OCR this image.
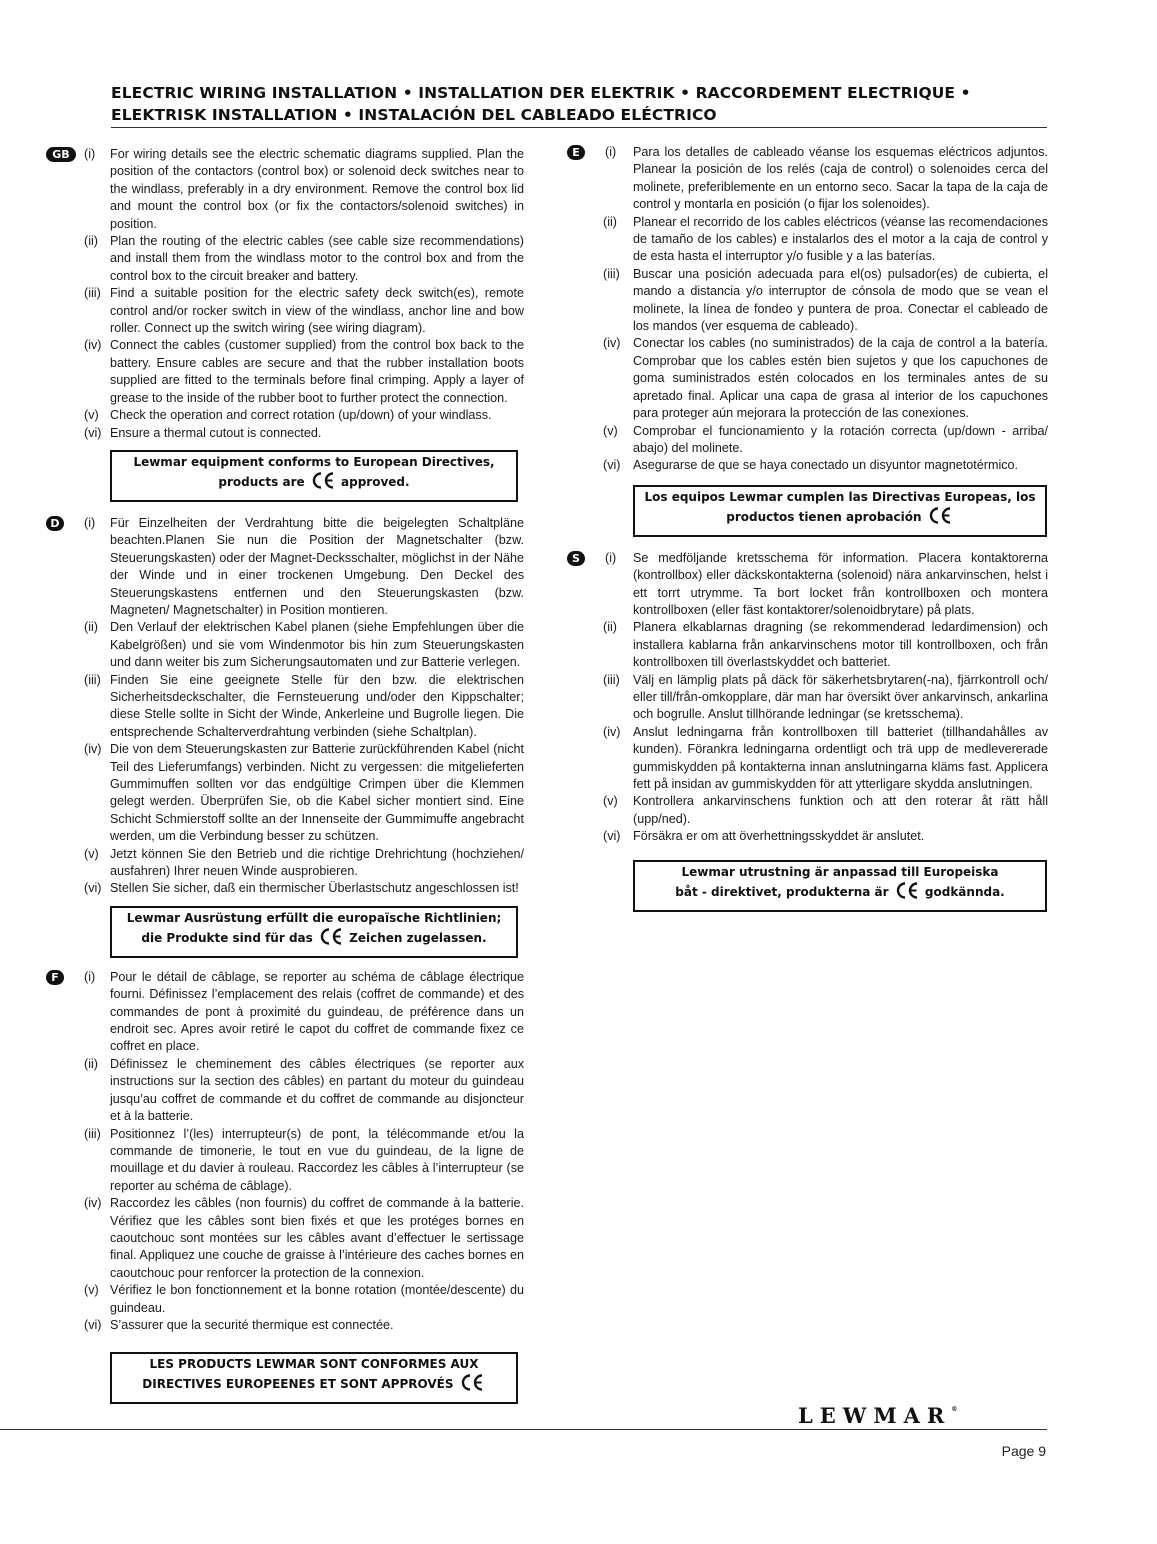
ELECTRIC WIRING INSTALLATION • INSTALLATION DER ELEKTRIK • RACCORDEMENT ELECTRIQUE •
ELEKTRISK INSTALLATION • INSTALACIÓN DEL CABLEADO ELÉCTRICO
GB	(i)	For wiring details see the electric schematic diagrams supplied. Plan the position of the contactors (control box) or solenoid deck switches near to the windlass, preferably in a dry environment. Remove the control box lid and mount the control box (or fix the contactors/solenoid switches) in position.
(ii) Plan the routing of the electric cables (see cable size recommendations) and install them from the windlass motor to the control box and from the control box to the circuit breaker and battery.
(iii) Find a suitable position for the electric safety deck switch(es), remote control and/or rocker switch in view of the windlass, anchor line and bow roller. Connect up the switch wiring (see wiring diagram).
(iv) Connect the cables (customer supplied) from the control box back to the battery. Ensure cables are secure and that the rubber installation boots supplied are fitted to the terminals before final crimping. Apply a layer of grease to the inside of the rubber boot to further protect the connection.
(v) Check the operation and correct rotation (up/down) of your windlass.
(vi) Ensure a thermal cutout is connected.
Lewmar equipment conforms to European Directives,
products are	approved.
D	(i)	Für Einzelheiten der Verdrahtung bitte die beigelegten Schaltpläne beachten.Planen Sie nun die Position der Magnetschalter (bzw. Steuerungskasten) oder der Magnet-Decksschalter, möglichst in der Nähe der Winde und in einer trockenen Umgebung. Den Deckel des Steuerungskastens entfernen und den Steuerungskasten (bzw. Magneten/ Magnetschalter) in Position montieren.
(ii) Den Verlauf der elektrischen Kabel planen (siehe Empfehlungen über die Kabelgrößen) und sie vom Windenmotor bis hin zum Steuerungskasten und dann weiter bis zum Sicherungsautomaten und zur Batterie verlegen.
(iii) Finden Sie eine geeignete Stelle für den bzw. die elektrischen Sicherheitsdeckschalter, die Fernsteuerung und/oder den Kippschalter; diese Stelle sollte in Sicht der Winde, Ankerleine und Bugrolle liegen. Die entsprechende Schalterverdrahtung verbinden (siehe Schaltplan).
(iv) Die von dem Steuerungskasten zur Batterie zurückführenden Kabel (nicht Teil des Lieferumfangs) verbinden. Nicht zu vergessen: die mitgelieferten Gummimuffen sollten vor das endgültige Crimpen über die Klemmen gelegt werden. Überprüfen Sie, ob die Kabel sicher montiert sind. Eine Schicht Schmierstoff sollte an der Innenseite der Gummimuffe angebracht werden, um die Verbindung besser zu schützen.
(v) Jetzt können Sie den Betrieb und die richtige Drehrichtung (hochziehen/ ausfahren) Ihrer neuen Winde ausprobieren.
(vi) Stellen Sie sicher, daß ein thermischer Überlastschutz angeschlossen ist!
Lewmar Ausrüstung erfüllt die europaïsche Richtlinien;
die Produkte sind für das	Zeichen zugelassen.
F	(i)	Pour le détail de câblage, se reporter au schéma de câblage électrique fourni. Définissez l’emplacement des relais (coffret de commande) et des commandes de pont à proximité du guindeau, de préférence dans un endroit sec. Apres avoir retiré le capot du coffret de commande fixez ce coffret en place.
(ii) Définissez le cheminement des câbles électriques (se reporter aux instructions sur la section des câbles) en partant du moteur du guindeau jusqu’au coffret de commande et du coffret de commande au disjoncteur et à la batterie.
(iii) Positionnez l’(les) interrupteur(s) de pont, la télécommande et/ou la commande de timonerie, le tout en vue du guindeau, de la ligne de mouillage et du davier à rouleau. Raccordez les câbles à l’interrupteur (se reporter au schéma de câblage).
(iv) Raccordez les câbles (non fournis) du coffret de commande à la batterie. Vérifiez que les câbles sont bien fixés et que les protéges bornes en caoutchouc sont montées sur les câbles avant d’effectuer le sertissage final. Appliquez une couche de graisse à l’intérieure des caches bornes en caoutchouc pour renforcer la protection de la connexion.
(v) Vérifiez le bon fonctionnement et la bonne rotation (montée/descente) du guindeau.
(vi) S’assurer que la securité thermique est connectée.
LES PRODUCTS LEWMAR SONT CONFORMES AUX
DIRECTIVES EUROPEENES ET SONT APPROVÉS
E	(i)	Para los detalles de cableado véanse los esquemas eléctricos adjuntos. Planear la posición de los relés (caja de control) o solenoides cerca del molinete, preferiblemente en un entorno seco. Sacar la tapa de la caja de control y montarla en posición (o fijar los solenoides).
(ii)	Planear el recorrido de los cables eléctricos (véanse las recomendaciones de tamaño de los cables) e instalarlos des el motor a la caja de control y de esta hasta el interruptor y/o fusible y a las baterías.
(iii)	Buscar una posición adecuada para el(os) pulsador(es) de cubierta, el mando a distancia y/o interruptor de cónsola de modo que se vean el molinete, la línea de fondeo y puntera de proa. Conectar el cableado de los mandos (ver esquema de cableado).
(iv) Conectar los cables (no suministrados) de la caja de control a la batería. Comprobar que los cables estén bien sujetos y que los capuchones de goma suministrados estén colocados en los terminales antes de su apretado final. Aplicar una capa de grasa al interior de los capuchones para proteger aún mejorara la protección de las conexiones.
(v)	Comprobar el funcionamiento y la rotación correcta (up/down - arriba/ abajo) del molinete.
(vi) Asegurarse de que se haya conectado un disyuntor magnetotérmico.
Los equipos Lewmar cumplen las Directivas Europeas, los
productos tienen aprobación
S	(i)	Se medföljande kretsschema för information. Placera kontaktorerna (kontrollbox) eller däckskontakterna (solenoid) nära ankarvinschen, helst i ett torrt utrymme. Ta bort locket från kontrollboxen och montera kontrollboxen (eller fäst kontaktorer/solenoidbrytare) på plats.
(ii)	Planera elkablarnas dragning (se rekommenderad ledardimension) och installera kablarna från ankarvinschens motor till kontrollboxen, och från kontrollboxen till överlastskyddet och batteriet.
(iii)	Välj en lämplig plats på däck för säkerhetsbrytaren(-na), fjärrkontroll och/ eller till/från-omkopplare, där man har översikt över ankarvinsch, ankarlina och bogrulle. Anslut tillhörande ledningar (se kretsschema).
(iv) Anslut ledningarna från kontrollboxen till batteriet (tillhandahålles av kunden). Förankra ledningarna ordentligt och trä upp de medlevererade gummiskydden på kontakterna innan anslutningarna kläms fast. Applicera fett på insidan av gummiskydden för att ytterligare skydda anslutningen.
(v)	Kontrollera ankarvinschens funktion och att den roterar åt rätt håll (upp/ned).
(vi) Försäkra er om att överhettningsskyddet är anslutet.
Lewmar utrustning är anpassad till Europeiska
båt - direktivet, produkterna är	godkännda.
LEWMAR®
Page 9
